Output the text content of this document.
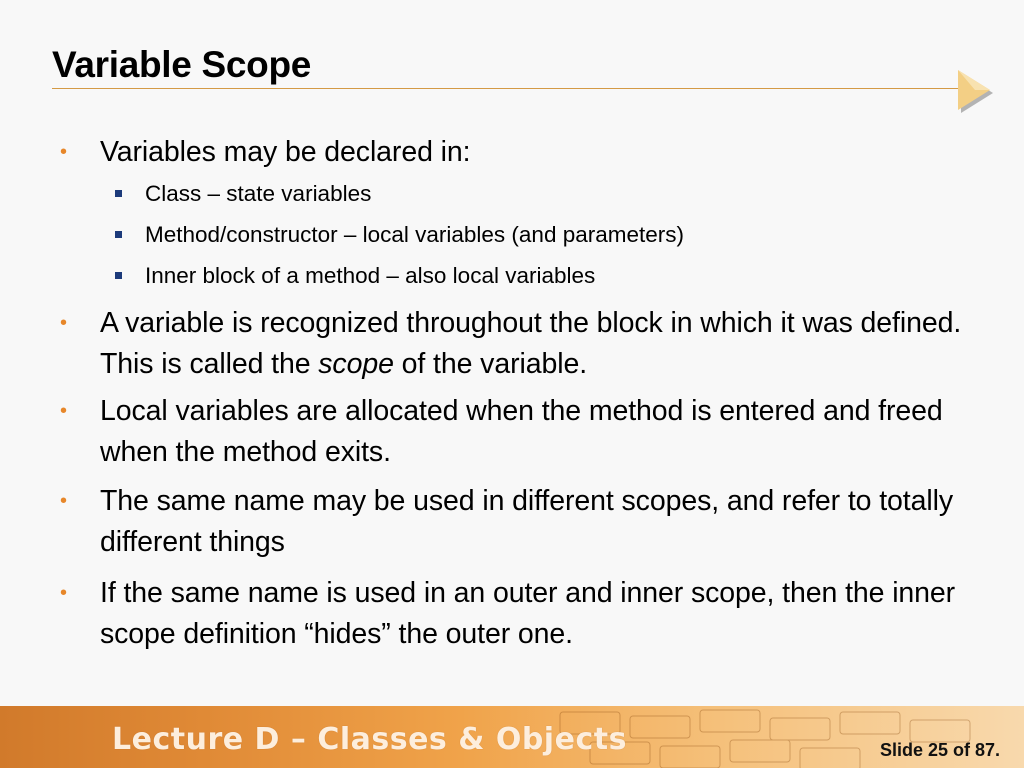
Variable Scope
• Variables may be declared in:
Class – state variables
Method/constructor – local variables (and parameters)
Inner block of a method – also local variables
• A variable is recognized throughout the block in which it was defined. This is called the scope of the variable.
• Local variables are allocated when the method is entered and freed when the method exits.
• The same name may be used in different scopes, and refer to totally different things
• If the same name is used in an outer and inner scope, then the inner scope definition “hides” the outer one.
Lecture D – Classes & Objects	Slide 25 of 87.
